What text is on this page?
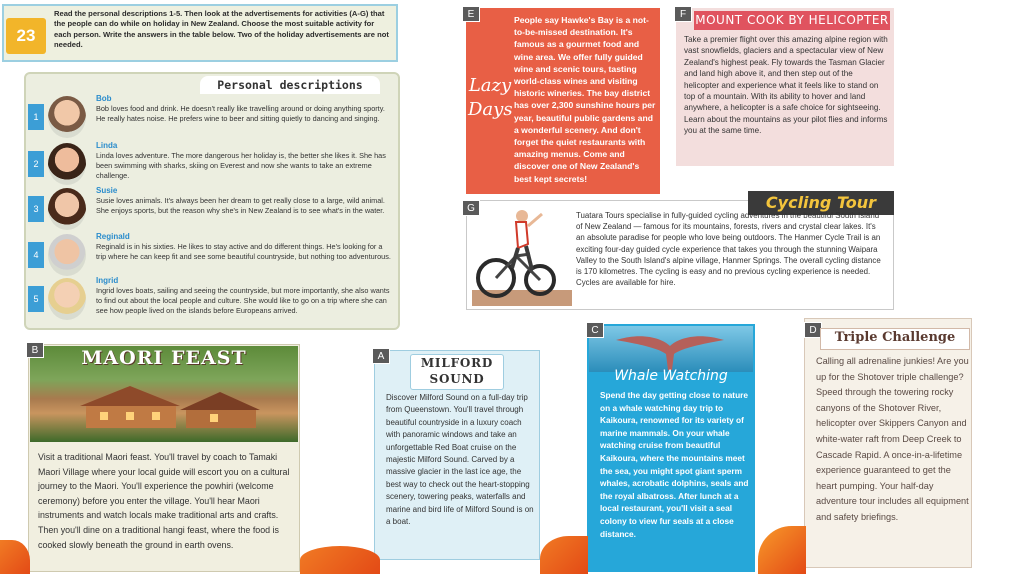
23
Read the personal descriptions 1-5. Then look at the advertisements for activities (A-G) that the people can do while on holiday in New Zealand. Choose the most suitable activity for each person. Write the answers in the table below. Two of the holiday advertisements are not needed.
Personal descriptions
1
Bob
Bob loves food and drink. He doesn't really like travelling around or doing anything sporty. He really hates noise. He prefers wine to beer and sitting quietly to dancing and singing.
2
Linda
Linda loves adventure. The more dangerous her holiday is, the better she likes it. She has been swimming with sharks, skiing on Everest and now she wants to take an extreme challenge.
3
Susie
Susie loves animals. It's always been her dream to get really close to a large, wild animal. She enjoys sports, but the reason why she's in New Zealand is to see what's in the water.
4
Reginald
Reginald is in his sixties. He likes to stay active and do different things. He's looking for a trip where he can keep fit and see some beautiful countryside, but nothing too adventurous.
5
Ingrid
Ingrid loves boats, sailing and seeing the countryside, but more importantly, she also wants to find out about the local people and culture. She would like to go on a trip where she can see how people lived on the islands before Europeans arrived.
E
Lazy Days
People say Hawke's Bay is a not-to-be-missed destination. It's famous as a gourmet food and wine area. We offer fully guided wine and scenic tours, tasting world-class wines and visiting historic wineries. The bay district has over 2,300 sunshine hours per year, beautiful public gardens and a wonderful scenery. And don't forget the quiet restaurants with amazing menus. Come and discover one of New Zealand's best kept secrets!
F MOUNT COOK BY HELICOPTER
Take a premier flight over this amazing alpine region with vast snowfields, glaciers and a spectacular view of New Zealand's highest peak. Fly towards the Tasman Glacier and land high above it, and then step out of the helicopter and experience what it feels like to stand on top of a mountain. With its ability to hover and land anywhere, a helicopter is a safe choice for sightseeing. Learn about the mountains as your pilot flies and informs you at the same time.
G	Cycling Tour
Tuatara Tours specialise in fully-guided cycling adventures in the beautiful South Island of New Zealand — famous for its mountains, forests, rivers and crystal clear lakes. It's an absolute paradise for people who love being outdoors. The Hanmer Cycle Trail is an exciting four-day guided cycle experience that takes you through the stunning Waipara Valley to the South Island's alpine village, Hanmer Springs. The overall cycling distance is 170 kilometres. The cycling is easy and no previous cycling experience is needed. Cycles are available for hire.
B	MAORI FEAST
Visit a traditional Maori feast. You'll travel by coach to Tamaki Maori Village where your local guide will escort you on a cultural journey to the Maori. You'll experience the powhiri (welcome ceremony) before you enter the village. You'll hear Maori instruments and watch locals make traditional arts and crafts. Then you'll dine on a traditional hangi feast, where the food is cooked slowly beneath the ground in earth ovens.
A	MILFORD
SOUND
Discover Milford Sound on a full-day trip from Queenstown. You'll travel through beautiful countryside in a luxury coach with panoramic windows and take an unforgettable Red Boat cruise on the majestic Milford Sound. Carved by a massive glacier in the last ice age, the best way to check out the heart-stopping scenery, towering peaks, waterfalls and marine and bird life of Milford Sound is on a boat.
C
Whale Watching
Spend the day getting close to nature on a whale watching day trip to Kaikoura, renowned for its variety of marine mammals. On your whale watching cruise from beautiful Kaikoura, where the mountains meet the sea, you might spot giant sperm whales, acrobatic dolphins, seals and the royal albatross. After lunch at a local restaurant, you'll visit a seal colony to view fur seals at a close distance.
D	Triple Challenge
Calling all adrenaline junkies! Are you up for the Shotover triple challenge? Speed through the towering rocky canyons of the Shotover River, helicopter over Skippers Canyon and white-water raft from Deep Creek to Cascade Rapid. A once-in-a-lifetime experience guaranteed to get the heart pumping. Your half-day adventure tour includes all equipment and safety briefings.
